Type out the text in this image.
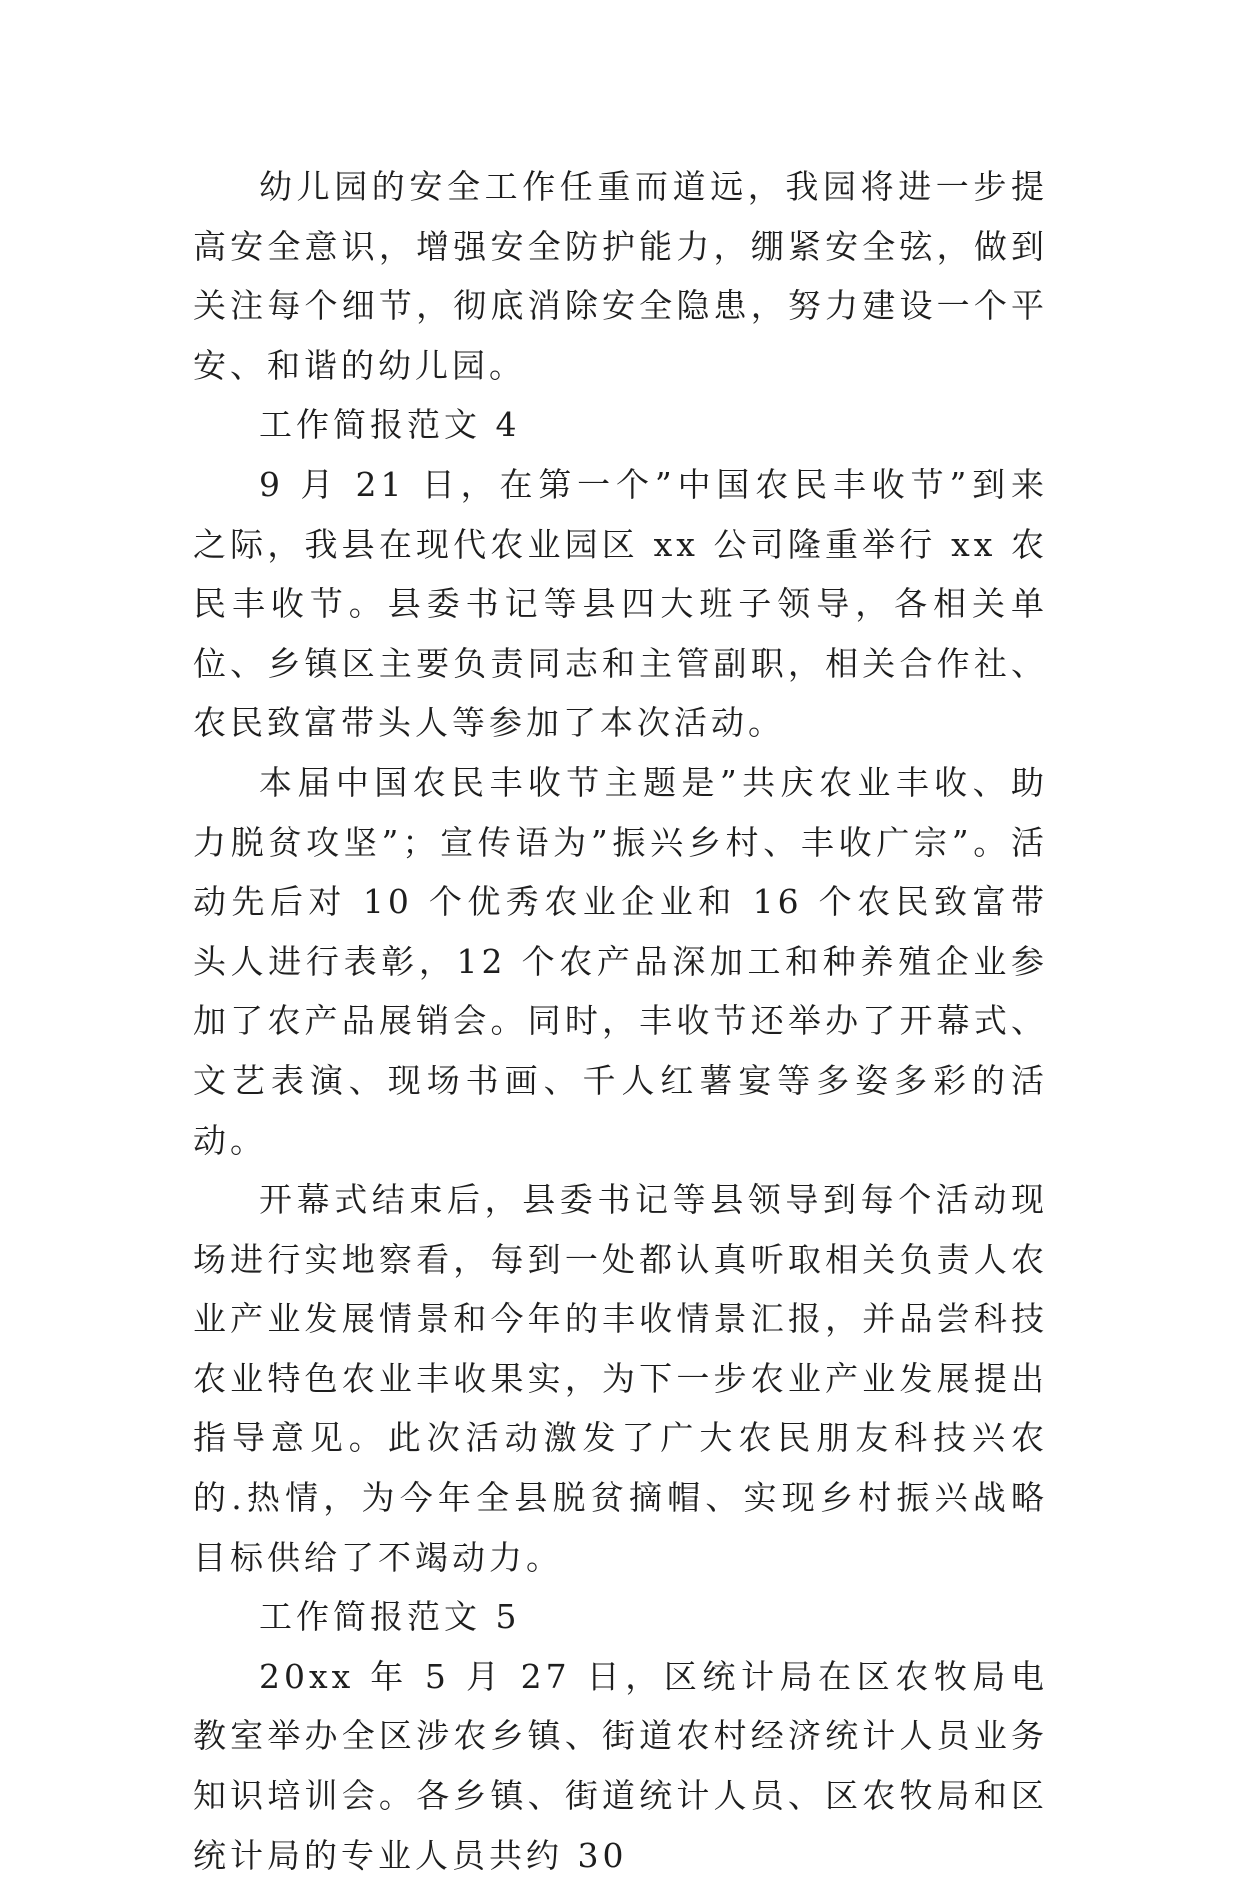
幼儿园的安全工作任重而道远，我园将进一步提高安全意识，增强安全防护能力，绷紧安全弦，做到关注每个细节，彻底消除安全隐患，努力建设一个平安、和谐的幼儿园。

工作简报范文 4

9 月 21 日，在第一个”中国农民丰收节”到来之际，我县在现代农业园区 xx 公司隆重举行 xx 农民丰收节。县委书记等县四大班子领导，各相关单位、乡镇区主要负责同志和主管副职，相关合作社、农民致富带头人等参加了本次活动。

本届中国农民丰收节主题是”共庆农业丰收、助力脱贫攻坚”；宣传语为”振兴乡村、丰收广宗”。活动先后对 10 个优秀农业企业和 16 个农民致富带头人进行表彰，12 个农产品深加工和种养殖企业参加了农产品展销会。同时，丰收节还举办了开幕式、文艺表演、现场书画、千人红薯宴等多姿多彩的活动。

开幕式结束后，县委书记等县领导到每个活动现场进行实地察看，每到一处都认真听取相关负责人农业产业发展情景和今年的丰收情景汇报，并品尝科技农业特色农业丰收果实，为下一步农业产业发展提出指导意见。此次活动激发了广大农民朋友科技兴农的.热情，为今年全县脱贫摘帽、实现乡村振兴战略目标供给了不竭动力。

工作简报范文 5

20xx 年 5 月 27 日，区统计局在区农牧局电教室举办全区涉农乡镇、街道农村经济统计人员业务知识培训会。各乡镇、街道统计人员、区农牧局和区统计局的专业人员共约 30
